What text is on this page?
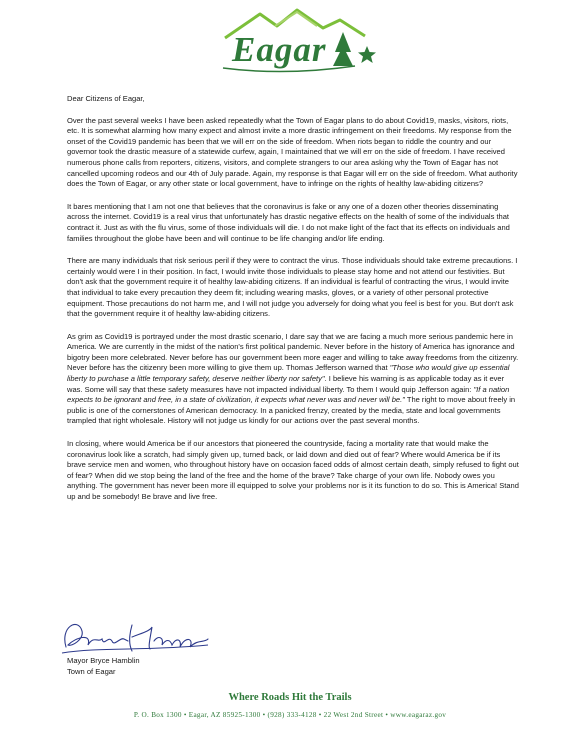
Eagar

Dear Citizens of Eagar,

Over the past several weeks I have been asked repeatedly what the Town of Eagar plans to do about Covid19, masks, visitors, riots, etc. It is somewhat alarming how many expect and almost invite a more drastic infringement on their freedoms. My response from the onset of the Covid19 pandemic has been that we will err on the side of freedom. When riots began to riddle the country and our governor took the drastic measure of a statewide curfew, again, I maintained that we will err on the side of freedom. I have received numerous phone calls from reporters, citizens, visitors, and complete strangers to our area asking why the Town of Eagar has not cancelled upcoming rodeos and our 4th of July parade. Again, my response is that Eagar will err on the side of freedom. What authority does the Town of Eagar, or any other state or local government, have to infringe on the rights of healthy law-abiding citizens?

It bares mentioning that I am not one that believes that the coronavirus is fake or any one of a dozen other theories disseminating across the internet. Covid19 is a real virus that unfortunately has drastic negative effects on the health of some of the individuals that contract it. Just as with the flu virus, some of those individuals will die. I do not make light of the fact that its effects on individuals and families throughout the globe have been and will continue to be life changing and/or life ending.

There are many individuals that risk serious peril if they were to contract the virus. Those individuals should take extreme precautions. I certainly would were I in their position. In fact, I would invite those individuals to please stay home and not attend our festivities. But don't ask that the government require it of healthy law-abiding citizens. If an individual is fearful of contracting the virus, I would invite that individual to take every precaution they deem fit; including wearing masks, gloves, or a variety of other personal protective equipment. Those precautions do not harm me, and I will not judge you adversely for doing what you feel is best for you. But don't ask that the government require it of healthy law-abiding citizens.

As grim as Covid19 is portrayed under the most drastic scenario, I dare say that we are facing a much more serious pandemic here in America. We are currently in the midst of the nation's first political pandemic. Never before in the history of America has ignorance and bigotry been more celebrated. Never before has our government been more eager and willing to take away freedoms from the citizenry. Never before has the citizenry been more willing to give them up. Thomas Jefferson warned that "Those who would give up essential liberty to purchase a little temporary safety, deserve neither liberty nor safety". I believe his warning is as applicable today as it ever was. Some will say that these safety measures have not impacted individual liberty. To them I would quip Jefferson again: "If a nation expects to be ignorant and free, in a state of civilization, it expects what never was and never will be." The right to move about freely in public is one of the cornerstones of American democracy. In a panicked frenzy, created by the media, state and local governments trampled that right wholesale. History will not judge us kindly for our actions over the past several months.

In closing, where would America be if our ancestors that pioneered the countryside, facing a mortality rate that would make the coronavirus look like a scratch, had simply given up, turned back, or laid down and died out of fear? Where would America be if its brave service men and women, who throughout history have on occasion faced odds of almost certain death, simply refused to fight out of fear? When did we stop being the land of the free and the home of the brave? Take charge of your own life. Nobody owes you anything. The government has never been more ill equipped to solve your problems nor is it its function to do so. This is America! Stand up and be somebody! Be brave and live free.

Mayor Bryce Hamblin
Town of Eagar
Where Roads Hit the Trails
P. O. Box 1300 • Eagar, AZ 85925-1300 • (928) 333-4128 • 22 West 2nd Street • www.eagaraz.gov
